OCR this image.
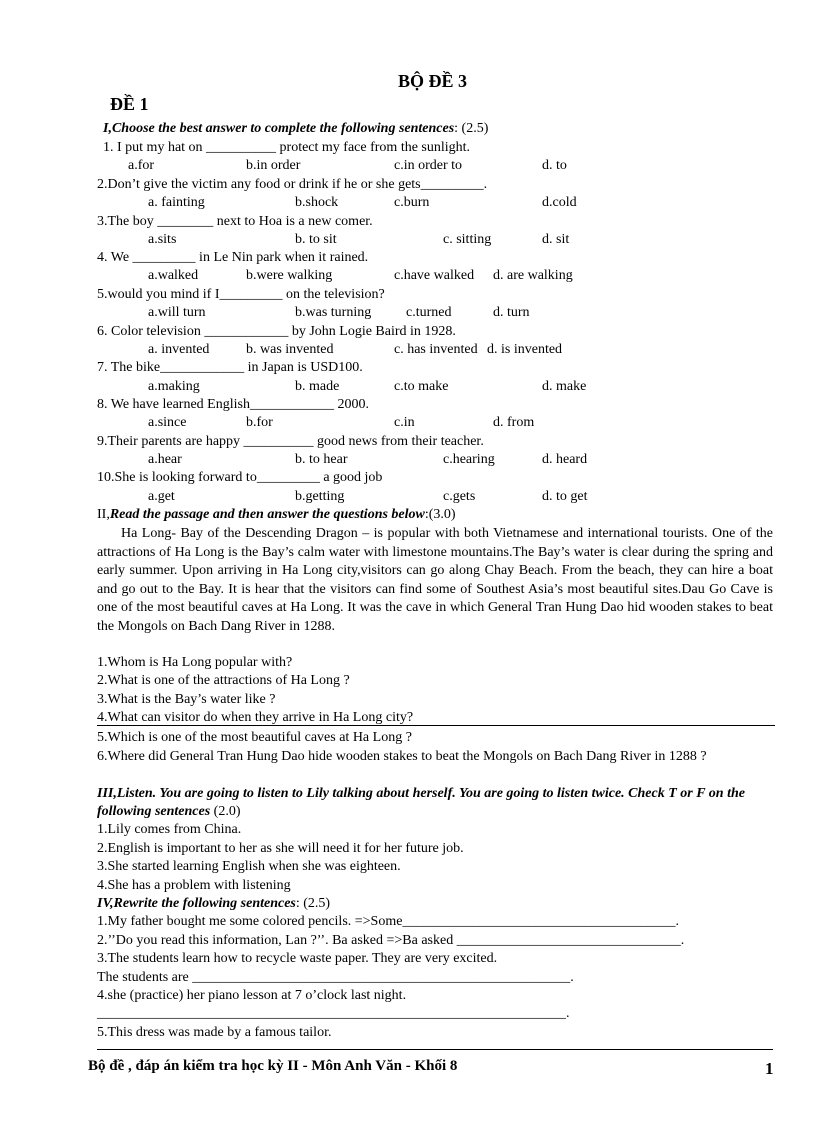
BỘ ĐỀ 3
ĐỀ 1
I,Choose the best answer to complete the following sentences: (2.5)
1. I put my hat on __________ protect my face from the sunlight.
a.for	b.in order	c.in order to	d. to
2.Don’t give the victim any food or drink if he or she gets_________.
a. fainting	b.shock	c.burn	d.cold
3.The boy ________ next to Hoa is a new comer.
a.sits	b. to sit	c. sitting	d. sit
4. We _________ in Le Nin park when it rained.
a.walked	b.were walking	c.have walked d. are walking
5.would you mind if I_________ on the television?
a.will turn	b.was turning c.turned	d. turn
6. Color television ____________ by John Logie Baird in 1928.
a. invented	b. was invented	c. has invented d. is invented
7. The bike____________ in Japan is USD100.
a.making	b. made	c.to make	d. make
8. We have learned English____________ 2000.
a.since	b.for	c.in	d. from
9.Their parents are happy __________ good news from their teacher.
a.hear	b. to hear	c.hearing	d. heard
10.She is looking forward to_________ a good job
a.get	b.getting	c.gets	d. to get
II,Read the passage and then answer the questions below:(3.0)
Ha Long- Bay of the Descending Dragon – is popular with both Vietnamese and international tourists. One of the attractions of Ha Long is the Bay’s calm water with limestone mountains.The Bay’s water is clear during the spring and early summer. Upon arriving in Ha Long city,visitors can go along Chay Beach. From the beach, they can hire a boat and go out to the Bay. It is hear that the visitors can find some of Southest Asia’s most beautiful sites.Dau Go Cave is one of the most beautiful caves at Ha Long. It was the cave in which General Tran Hung Dao hid wooden stakes to beat the Mongols on Bach Dang River in 1288.
1.Whom is Ha Long popular with?
2.What is one of the attractions of Ha Long ?
3.What is the Bay’s water like ?
4.What can visitor do when they arrive in Ha Long city?
5.Which is one of the most beautiful caves at Ha Long ?
6.Where did General Tran Hung Dao hide wooden stakes to beat the Mongols on Bach Dang River in 1288 ?
III,Listen. You are going to listen to Lily talking about herself. You are going to listen twice. Check T or F on the following sentences (2.0)
1.Lily comes from China.
2.English is important to her as she will need it for her future job.
3.She started learning English when she was eighteen.
4.She has a problem with listening
IV,Rewrite the following sentences: (2.5)
1.My father bought me some colored pencils. =>Some_______________________________________.
2.’’Do you read this information, Lan ?’’. Ba asked =>Ba asked ________________________________.
3.The students learn how to recycle waste paper. They are very excited.
The students are ______________________________________________________.
4.she (practice) her piano lesson at 7 o’clock last night.
___________________________________________________________________.
5.This dress was made by a famous tailor.
Bộ đề , đáp án kiểm tra học kỳ II - Môn Anh Văn - Khối 8	1
